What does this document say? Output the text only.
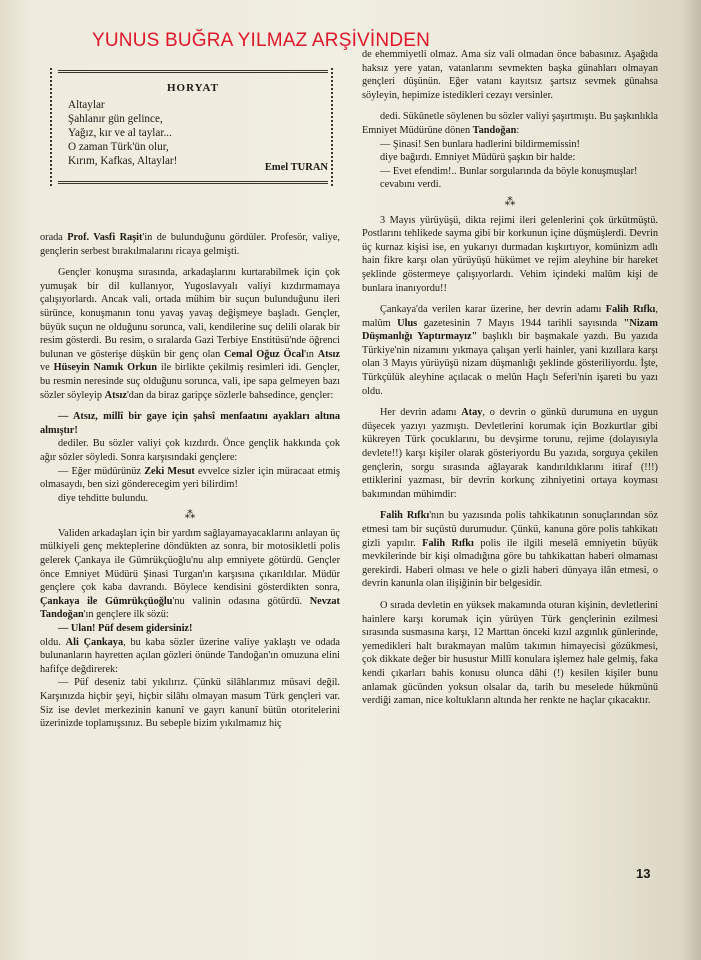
YUNUS BUĞRA YILMAZ ARŞİVİNDEN
HORYAT
Altaylar
Şahlanır gün gelince,
Yağız, kır ve al taylar...
O zaman Türk'ün olur,
Kırım, Kafkas, Altaylar!
Emel TURAN

orada Prof. Vasfi Raşit'in de bulunduğunu gördüler. Profesör, valiye, gençlerin serbest bırakılmalarını ricaya gelmişti.

Gençler konuşma sırasında, arkadaşlarını kurtarabilmek için çok yumuşak bir dil kullanıyor, Yugoslavyalı valiyi kızdırmamaya çalışıyorlardı. Ancak vali, ortada mühim bir suçun bulunduğunu ileri sürünce, konuşmanın tonu yavaş yavaş değişmeye başladı. Gençler, büyük suçun ne olduğunu sorunca, vali, kendilerine suç delili olarak bir resim gösterdi. Bu resim, o sıralarda Gazi Terbiye Enstitüsü'nde öğrenci bulunan ve gösterişe düşkün bir genç olan Cemal Oğuz Öcal'ın Atsız ve Hüseyin Namık Orkun ile birlikte çekilmiş resimleri idi. Gençler, bu resmin neresinde suç olduğunu sorunca, vali, ipe sapa gelmeyen bazı sözler söyleyip Atsız'dan da biraz garipçe sözlerle bahsedince, gençler:

— Atsız, millî bir gaye için şahsî menfaatını ayakları altına almıştır!

dediler. Bu sözler valiyi çok kızdırdı. Önce gençlik hakkında çok ağır sözler söyledi. Sonra karşısındaki gençlere:

— Eğer müdürünüz Zeki Mesut evvelce sizler için müracaat etmiş olmasaydı, ben sizi gönderecegim yeri bilirdim!

diye tehditte bulundu.

⁂

Validen arkadaşları için bir yardım sağlayamayacaklarını anlayan üç mülkiyeli genç mekteplerine döndükten az sonra, bir motosikletli polis gelerek Çankaya ile Gümrükçüoğlu'nu alıp emniyete götürdü. Gençler önce Emniyet Müdürü Şinasi Turgan'ın karşısına çıkarıldılar. Müdür gençlere çok kaba davrandı. Böylece kendisini gösterdikten sonra, Çankaya ile Gümrükçüoğlu'nu valinin odasına götürdü. Nevzat Tandoğan'ın gençlere ilk sözü:

— Ulan! Püf desem gidersiniz!

oldu. Ali Çankaya, bu kaba sözler üzerine valiye yaklaştı ve odada bulunanların hayretten açılan gözleri önünde Tandoğan'ın omuzuna elini hafifçe değdirerek:

— Püf deseniz tabi yıkılırız. Çünkü silâhlarımız müsavi değil. Karşınızda hiçbir şeyi, hiçbir silâhı olmayan masum Türk gençleri var. Siz ise devlet merkezinin kanunî ve gayrı kanunî bütün otoritelerini üzerinizde toplamışsınız. Bu sebeple bizim yıkılmamız hiç

de ehemmiyetli olmaz. Ama siz vali olmadan önce babasınız. Aşağıda haksız yere yatan, vatanlarını sevmekten başka günahları olmayan gençleri düşünün. Eğer vatanı kayıtsız şartsız sevmek günahsa söyleyin, hepimize istedikleri cezayı versinler.

dedi. Sükûnetle söylenen bu sözler valiyi şaşırtmıştı. Bu şaşkınlıkla Emniyet Müdürüne dönen Tandoğan:

— Şinasi! Sen bunlara hadlerini bildirmemissin!

diye bağırdı. Emniyet Müdürü şaşkın bir halde:

— Evet efendim!.. Bunlar sorgularında da böyle konuşmuşlar!

cevabını verdi.

⁂

3 Mayıs yürüyüşü, dikta rejimi ileri gelenlerini çok ürkütmüştü. Postlarını tehlikede sayma gibi bir korkunun içine düşmüşlerdi. Devrin üç kurnaz kişisi ise, en yukarıyı durmadan kışkırtıyor, komünizm adlı hain fikre karşı olan yürüyüşü hükümet ve rejim aleyhine bir hareket şeklinde göstermeye çalışıyorlardı. Vehim içindeki malûm kişi de bunlara inanıyordu!!

Çankaya'da verilen karar üzerine, her devrin adamı Falih Rıfkı, malûm Ulus gazetesinin 7 Mayıs 1944 tarihli sayısında "Nizam Düşmanlığı Yaptırmayız" başlıklı bir başmakale yazdı. Bu yazıda Türkiye'nin nizamını yıkmaya çalışan yerli hainler, yani kızıllara karşı olan 3 Mayıs yürüyüşü nizam düşmanlığı şeklinde gösteriliyordu. İşte, Türkçülük aleyhine açılacak o melûn Haçlı Seferi'nin işareti bu yazı oldu.

Her devrin adamı Atay, o devrin o günkü durumuna en uygun düşecek yazıyı yazmıştı. Devletlerini korumak için Bozkurtlar gibi kükreyen Türk çocuklarını, bu devşirme torunu, rejime (dolayısıyla devlete!!) karşı kişiler olarak gösteriyordu Bu yazıda, sorguya çekilen gençlerin, sorgu sırasında ağlayarak kandırıldıklarını itiraf (!!!) ettiklerini yazması, bir devrin korkunç zihniyetini ortaya koyması bakımından mühimdir:

Falih Rıfkı'nın bu yazısında polis tahkikatının sonuçlarından söz etmesi tam bir suçüstü durumudur. Çünkü, kanuna göre polis tahkikatı gizli yapılır. Falih Rıfkı polis ile ilgili meselâ emniyetin büyük mevkilerinde bir kişi olmadığına göre bu tahkikattan haberi olmaması gerekirdi. Haberi olması ve hele o gizli haberi dünyaya ilân etmesi, o devrin kanunla olan ilişiğinin bir belgesidir.

O sırada devletin en yüksek makamında oturan kişinin, devletlerini hainlere karşı korumak için yürüyen Türk gençlerinin ezilmesi sırasında susmasına karşı, 12 Marttan önceki kızıl azgınlık günlerinde, yemedikleri halt bırakmayan malûm takımın himayecisi gözükmesi, çok dikkate değer bir husustur Millî konulara işlemez hale gelmiş, faka kendi çıkarları bahis konusu olunca dâhi (!) kesilen kişiler bunu anlamak gücünden yoksun olsalar da, tarih bu meselede hükmünü verdiği zaman, nice koltukların altında her renkte ne haçlar çıkacaktır.

13
